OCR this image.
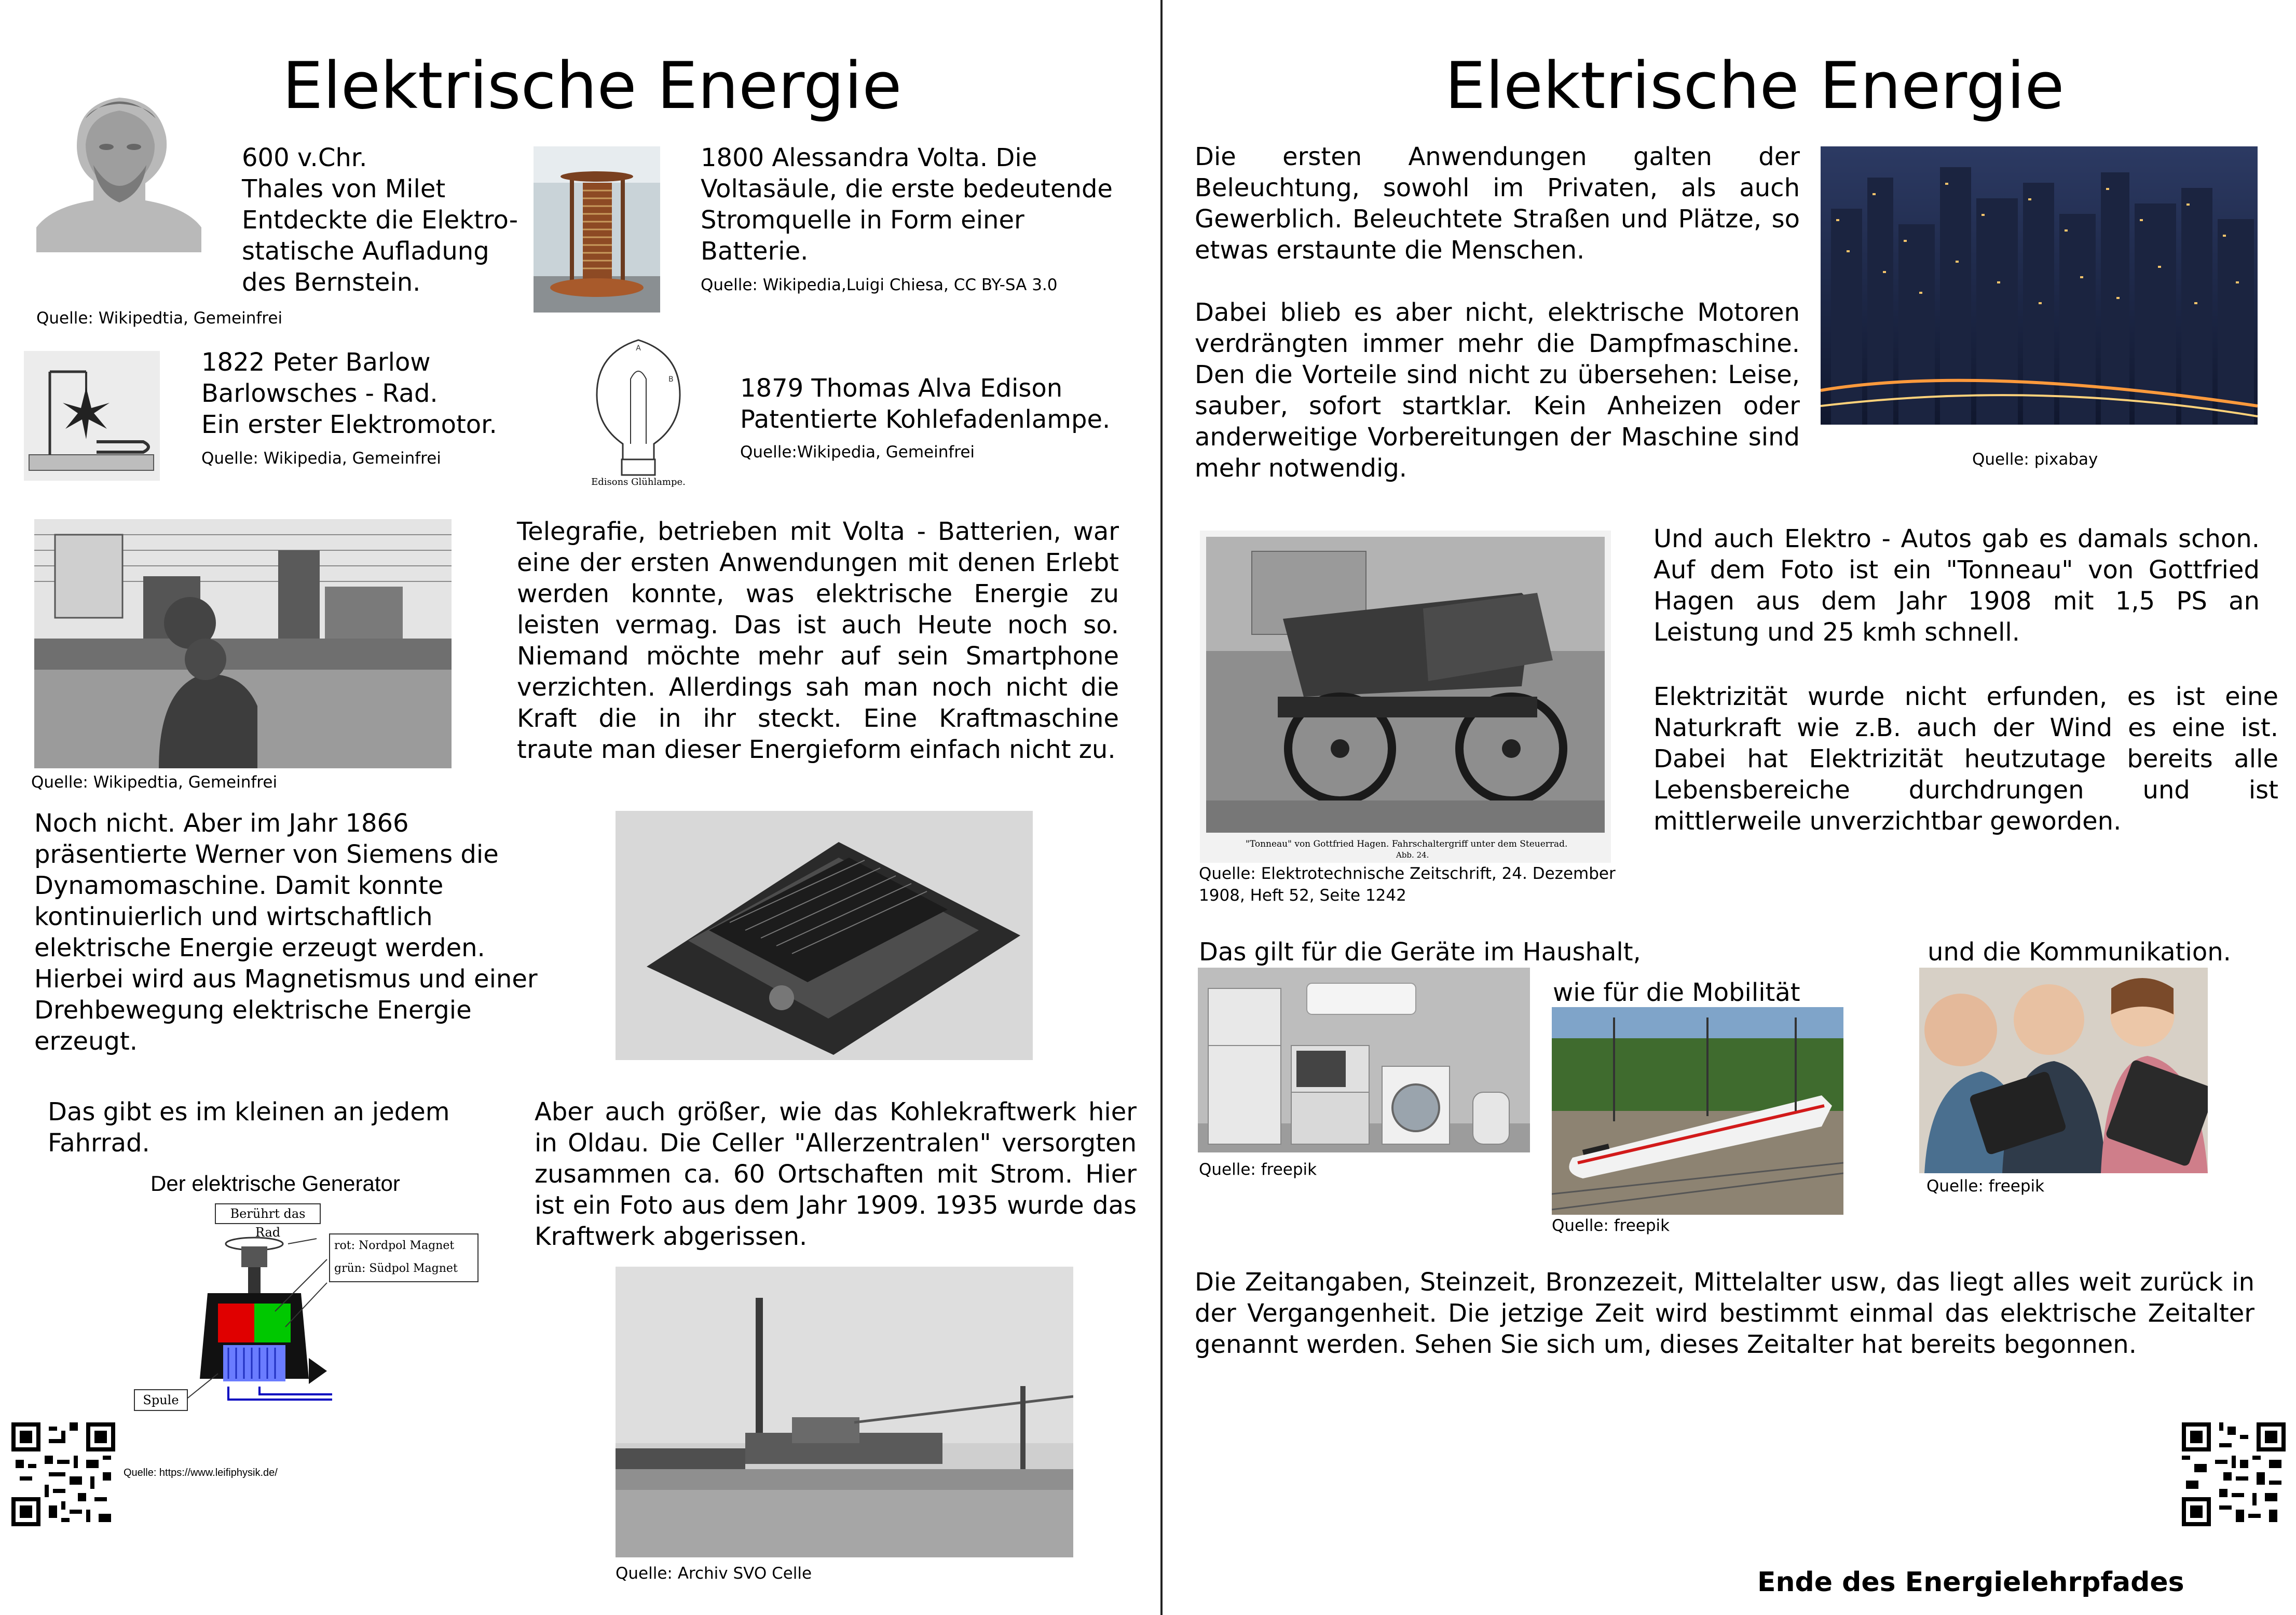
Elektrische Energie

600 v.Chr.

Thales von Milet

Entdeckte die Elektro-

statische Aufladung

des Bernstein.

Quelle: Wikipedtia, Gemeinfrei

1800 Alessandra Volta. Die

Voltasäule, die erste bedeutende

Stromquelle in Form einer

Batterie.

Quelle: Wikipedia,Luigi Chiesa, CC BY-SA 3.0

1822 Peter Barlow

Barlowsches - Rad.

Ein erster Elektromotor.

Quelle: Wikipedia, Gemeinfrei
A
B
Edisons Glühlampe.

1879 Thomas Alva Edison

Patentierte Kohlefadenlampe.

Quelle:Wikipedia, Gemeinfrei
Quelle: Wikipedtia, Gemeinfrei
Telegrafie, betrieben mit Volta - Batterien, war eine der ersten Anwendungen mit denen Erlebt werden konnte, was elektrische Energie zu leisten vermag. Das ist auch Heute noch so. Niemand möchte mehr auf sein Smartphone verzichten. Allerdings sah man noch nicht die Kraft die in ihr steckt. Eine Kraftmaschine traute man dieser Energieform einfach nicht zu.

Noch nicht. Aber im Jahr 1866

präsentierte Werner von Siemens die

Dynamomaschine. Damit konnte

kontinuierlich und wirtschaftlich

elektrische Energie erzeugt werden.

Hierbei wird aus Magnetismus und einer

Drehbewegung elektrische Energie

erzeugt.

Das gibt es im kleinen an jedem

Fahrrad.

Der elektrische Generator
Berührt das Rad
rot: Nordpol Magnet
grün: Südpol Magnet
Spule
Quelle: https://www.leifiphysik.de/
Aber auch größer, wie das Kohlekraftwerk hier in Oldau. Die Celler "Allerzentralen" versorgten zusammen ca. 60 Ortschaften mit Strom. Hier ist ein Foto aus dem Jahr 1909. 1935 wurde das Kraftwerk abgerissen.
Quelle: Archiv SVO Celle
Elektrische Energie
Die ersten Anwendungen galten der Beleuchtung, sowohl im Privaten, als auch Gewerblich. Beleuchtete Straßen und Plätze, so etwas erstaunte die Menschen.
Dabei blieb es aber nicht, elektrische Motoren verdrängten immer mehr die Dampfmaschine. Den die Vorteile sind nicht zu übersehen: Leise, sauber, sofort startklar. Kein Anheizen oder anderweitige Vorbereitungen der Maschine sind mehr notwendig.	Quelle: pixabay
"Tonneau" von Gottfried Hagen. Fahrschaltergriff unter dem Steuerrad.
Abb. 24.
Quelle: Elektrotechnische Zeitschrift, 24. Dezember
1908, Heft 52, Seite 1242
Und auch Elektro - Autos gab es damals schon. Auf dem Foto ist ein "Tonneau" von Gottfried Hagen aus dem Jahr 1908 mit 1,5 PS an Leistung und 25 kmh schnell.
Elektrizität wurde nicht erfunden, es ist eine Naturkraft wie z.B. auch der Wind es eine ist. Dabei hat Elektrizität heutzutage bereits alle Lebensbereiche durchdrungen und ist mittlerweile unverzichtbar geworden.
Das gilt für die Geräte im Haushalt,
wie für die Mobilität
und die Kommunikation.
Quelle: freepik
Quelle: freepik
Quelle: freepik
Die Zeitangaben, Steinzeit, Bronzezeit, Mittelalter usw, das liegt alles weit zurück in der Vergangenheit. Die jetzige Zeit wird bestimmt einmal das elektrische Zeitalter genannt werden. Sehen Sie sich um, dieses Zeitalter hat bereits begonnen.
Ende des Energielehrpfades
